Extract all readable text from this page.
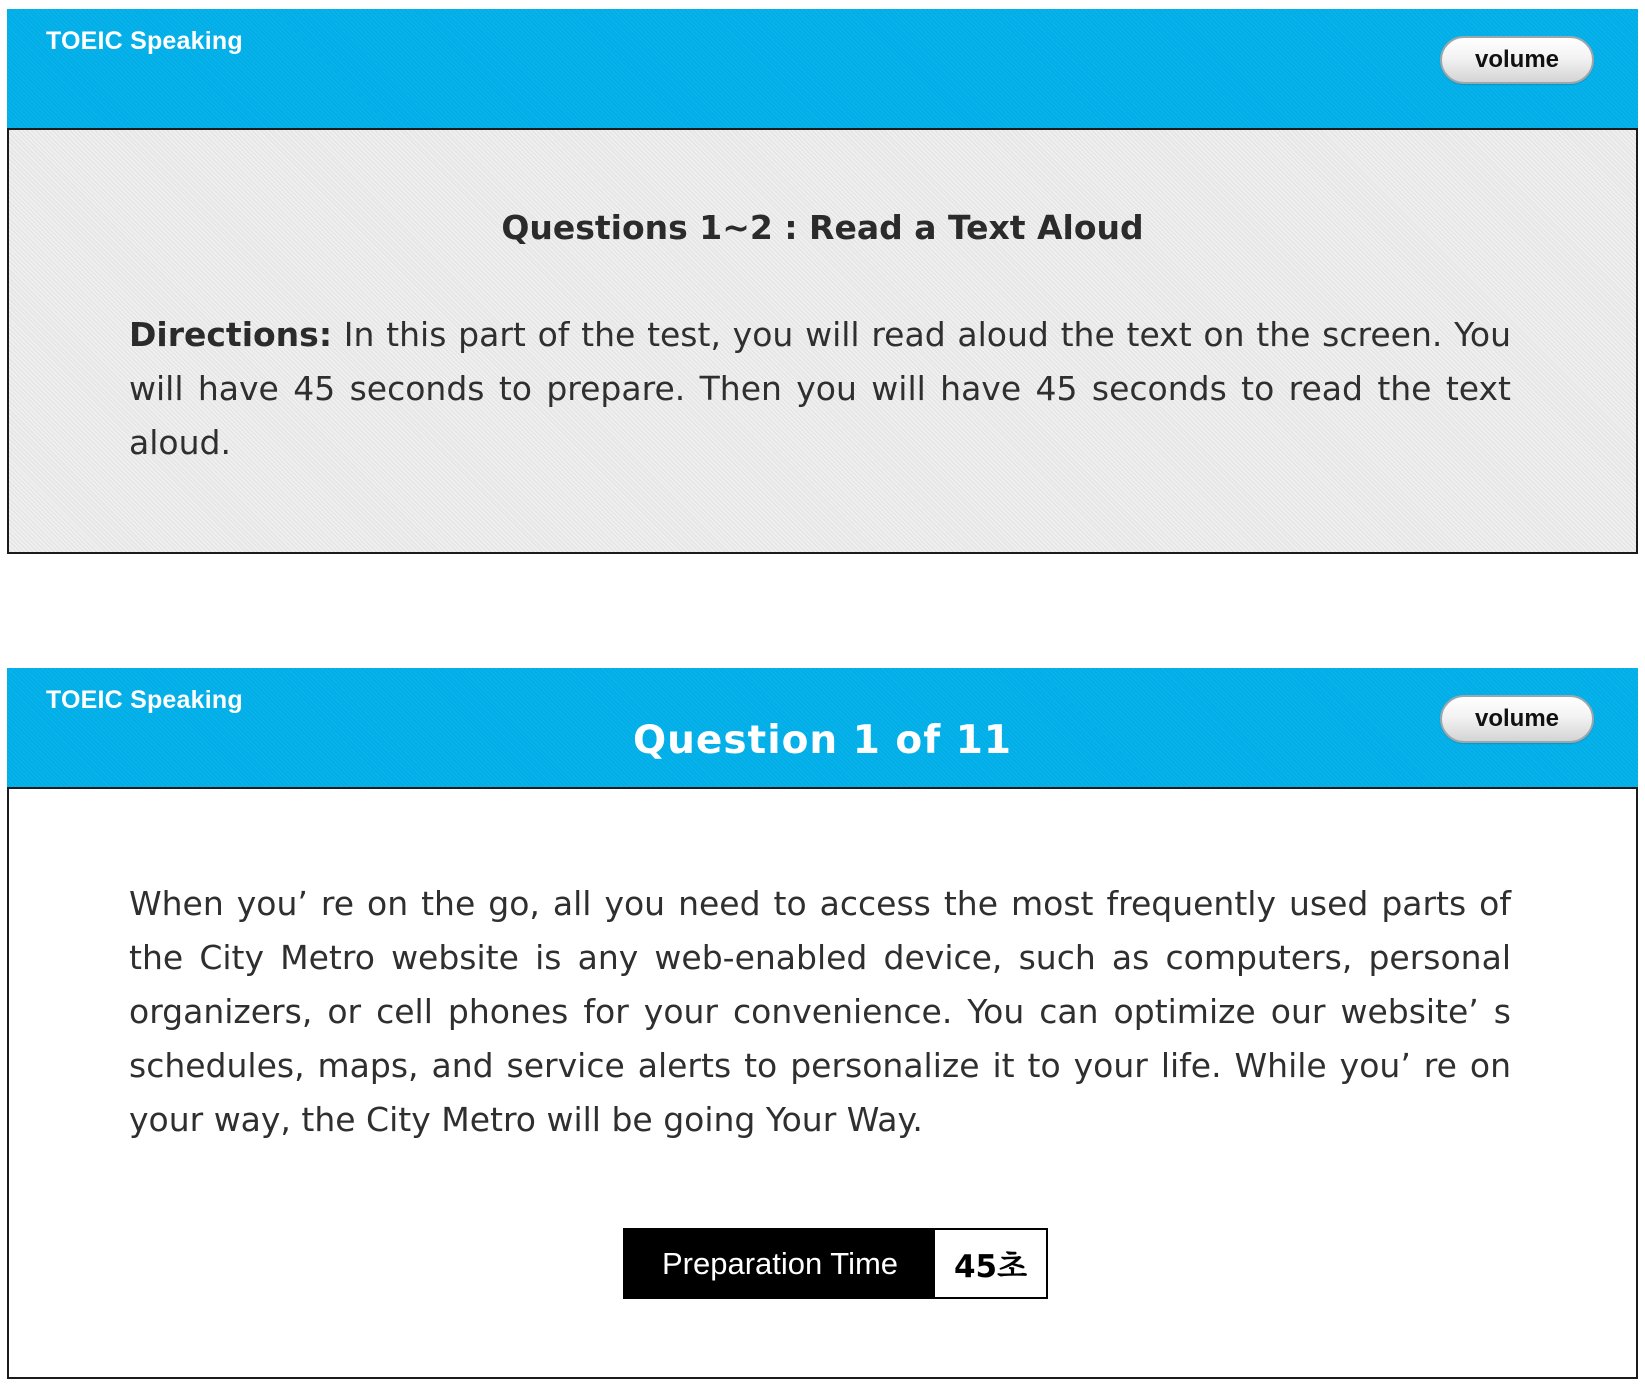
TOEIC Speaking
volume
Questions 1~2 : Read a Text Aloud

Directions: In this part of the test, you will read aloud the text on the screen. You will have 45 seconds to prepare. Then you will have 45 seconds to read the text aloud.

TOEIC Speaking
Question 1 of 11	volume

When you’ re on the go, all you need to access the most frequently used parts of the City Metro website is any web-enabled device, such as computers, personal organizers, or cell phones for your convenience. You can optimize our website’ s schedules, maps, and service alerts to personalize it to your life. While you’ re on your way, the City Metro will be going Your Way.

Preparation Time	45초
